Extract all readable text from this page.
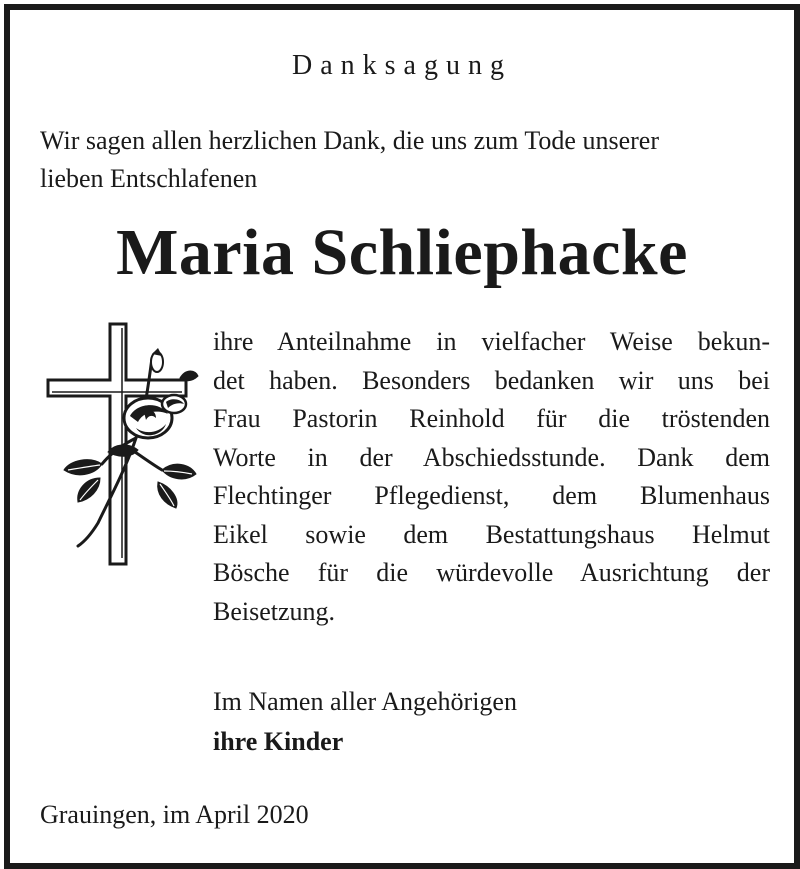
Danksagung
Wir sagen allen herzlichen Dank, die uns zum Tode unserer
lieben Entschlafenen
Maria Schliephacke
ihre Anteilnahme in vielfacher Weise bekun-
det haben. Besonders bedanken wir uns bei
Frau Pastorin Reinhold für die tröstenden
Worte in der Abschiedsstunde. Dank dem
Flechtinger Pflegedienst, dem Blumenhaus
Eikel sowie dem Bestattungshaus Helmut
Bösche für die würdevolle Ausrichtung der
Beisetzung.
Im Namen aller Angehörigen
ihre Kinder
Grauingen, im April 2020
